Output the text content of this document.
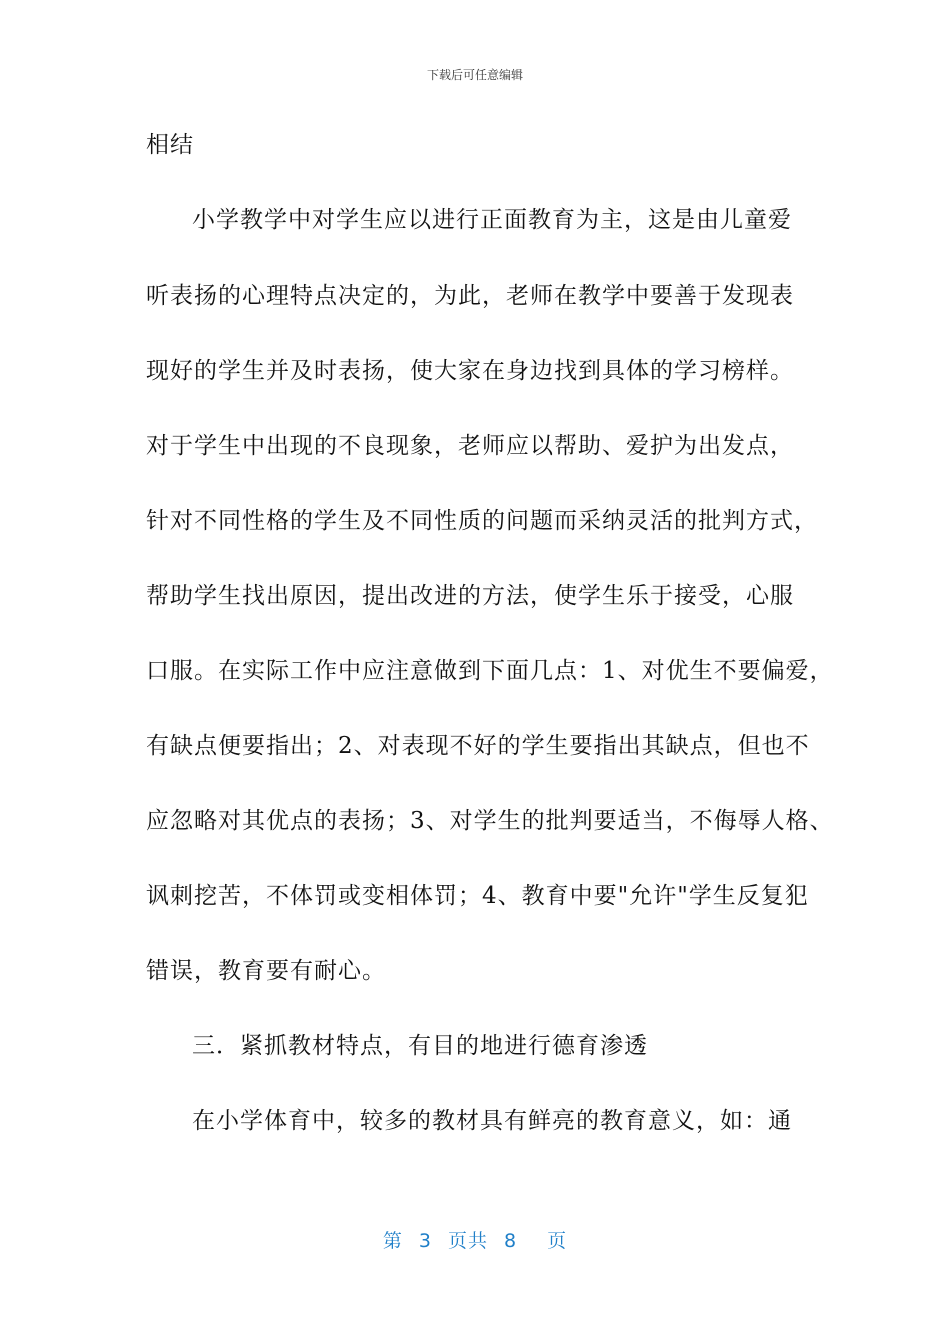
下载后可任意编辑
相结
小学教学中对学生应以进行正面教育为主，这是由儿童爱
听表扬的心理特点决定的，为此，老师在教学中要善于发现表
现好的学生并及时表扬，使大家在身边找到具体的学习榜样。
对于学生中出现的不良现象，老师应以帮助、爱护为出发点，
针对不同性格的学生及不同性质的问题而采纳灵活的批判方式，
帮助学生找出原因，提出改进的方法，使学生乐于接受，心服
口服。在实际工作中应注意做到下面几点：1、对优生不要偏爱，
有缺点便要指出；2、对表现不好的学生要指出其缺点，但也不
应忽略对其优点的表扬；3、对学生的批判要适当，不侮辱人格、
讽刺挖苦，不体罚或变相体罚；4、教育中要"允许"学生反复犯
错误，教育要有耐心。
三．紧抓教材特点，有目的地进行德育渗透
在小学体育中，较多的教材具有鲜亮的教育意义，如：通
第 3 页共 8 页
